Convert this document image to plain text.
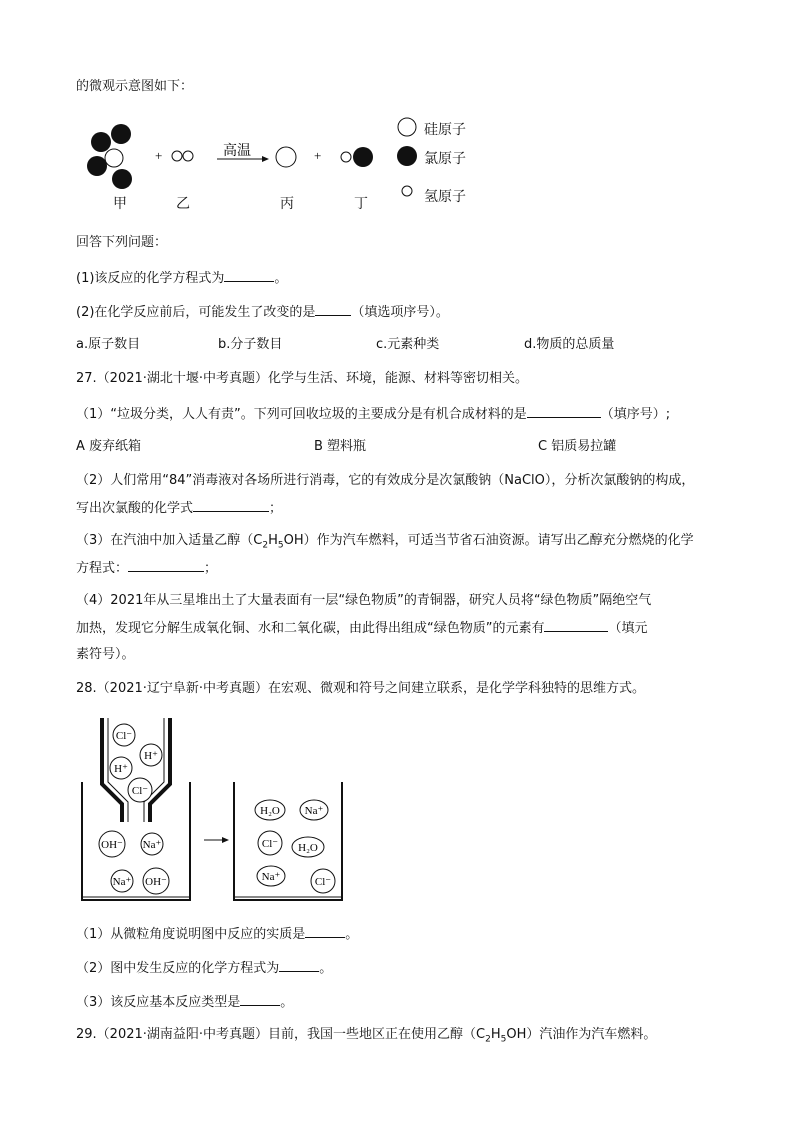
的微观示意图如下：
+	高温	+
硅原子
氯原子
氢原子
甲	乙	丙	丁
回答下列问题：
(1)该反应的化学方程式为	。
(2)在化学反应前后，可能发生了改变的是	（填选项序号）。
a.原子数目	b.分子数目	c.元素种类	d.物质的总质量
27.（2021·湖北十堰·中考真题）化学与生活、环境，能源、材料等密切相关。
（1）“垃圾分类，人人有责”。下列可回收垃圾的主要成分是有机合成材料的是	（填序号）;
A 废弃纸箱	B 塑料瓶	C 铝质易拉罐
（2）人们常用“84”消毒液对各场所进行消毒，它的有效成分是次氯酸钠（NaClO），分析次氯酸钠的构成，
写出次氯酸的化学式	；
（3）在汽油中加入适量乙醇$(C_2H_5OH)$作为汽车燃料，可适当节省石油资源。请写出乙醇充分燃烧的化学
方程式：	；
（4）2021年从三星堆出土了大量表面有一层“绿色物质”的青铜器，研究人员将“绿色物质”隔绝空气
加热，发现它分解生成氧化铜、水和二氧化碳，由此得出组成“绿色物质”的元素有	（填元
素符号）。
28.（2021·辽宁阜新·中考真题）在宏观、微观和符号之间建立联系，是化学学科独特的思维方式。
Cl⁻
H⁺
H⁺
Cl⁻
OH⁻ Na⁺
Na⁺ OH⁻
H₂O Na⁺
Cl⁻ H₂O
Na⁺	Cl⁻
（1）从微粒角度说明图中反应的实质是	。
（2）图中发生反应的化学方程式为	。
（3）该反应基本反应类型是	。
29.（2021·湖南益阳·中考真题）目前，我国一些地区正在使用乙醇$(C_2H_5OH)$汽油作为汽车燃料。
